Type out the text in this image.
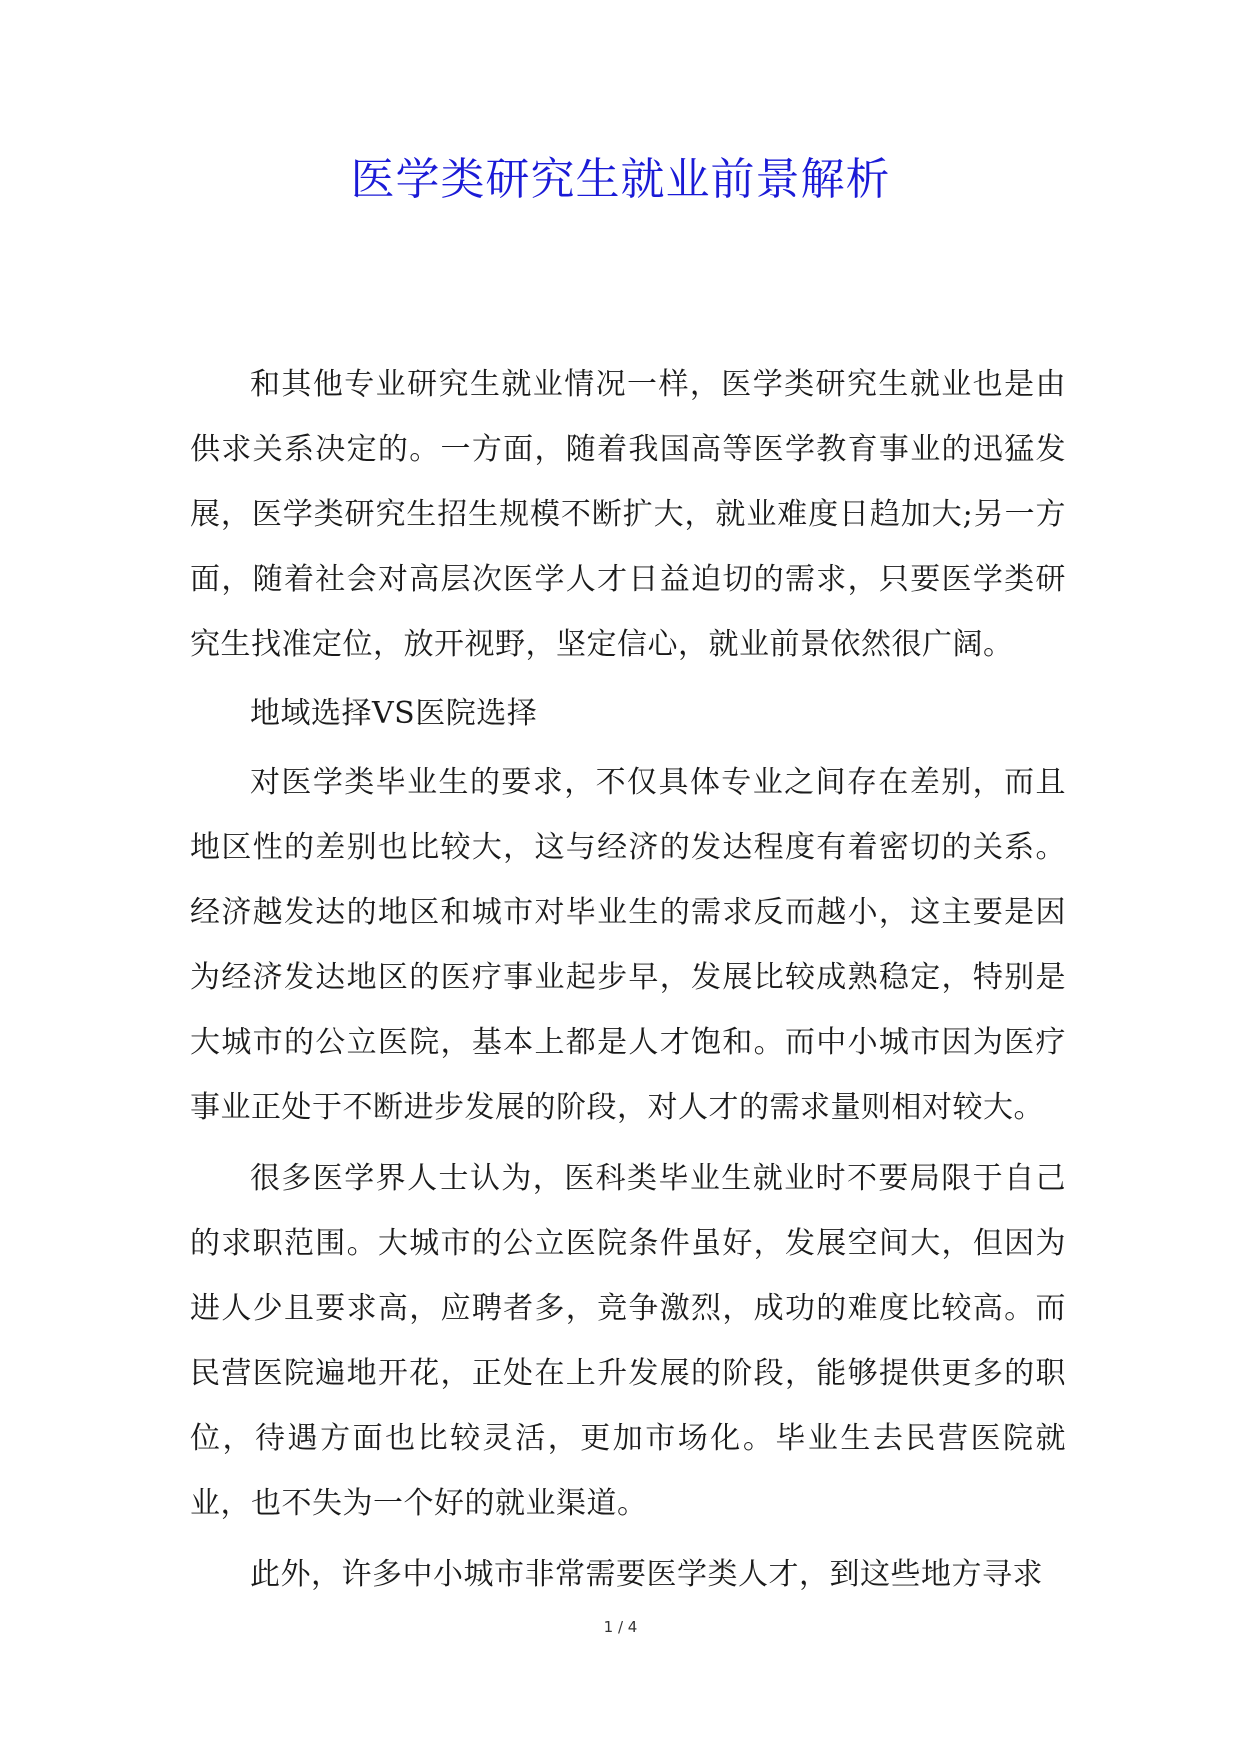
医学类研究生就业前景解析

和其他专业研究生就业情况一样，医学类研究生就业也是由供求关系决定的。一方面，随着我国高等医学教育事业的迅猛发展，医学类研究生招生规模不断扩大，就业难度日趋加大;另一方面，随着社会对高层次医学人才日益迫切的需求，只要医学类研究生找准定位，放开视野，坚定信心，就业前景依然很广阔。

地域选择VS医院选择

对医学类毕业生的要求，不仅具体专业之间存在差别，而且地区性的差别也比较大，这与经济的发达程度有着密切的关系。经济越发达的地区和城市对毕业生的需求反而越小，这主要是因为经济发达地区的医疗事业起步早，发展比较成熟稳定，特别是大城市的公立医院，基本上都是人才饱和。而中小城市因为医疗事业正处于不断进步发展的阶段，对人才的需求量则相对较大。

很多医学界人士认为，医科类毕业生就业时不要局限于自己的求职范围。大城市的公立医院条件虽好，发展空间大，但因为进人少且要求高，应聘者多，竞争激烈，成功的难度比较高。而民营医院遍地开花，正处在上升发展的阶段，能够提供更多的职位，待遇方面也比较灵活，更加市场化。毕业生去民营医院就业，也不失为一个好的就业渠道。

此外，许多中小城市非常需要医学类人才，到这些地方寻求

1 / 4
